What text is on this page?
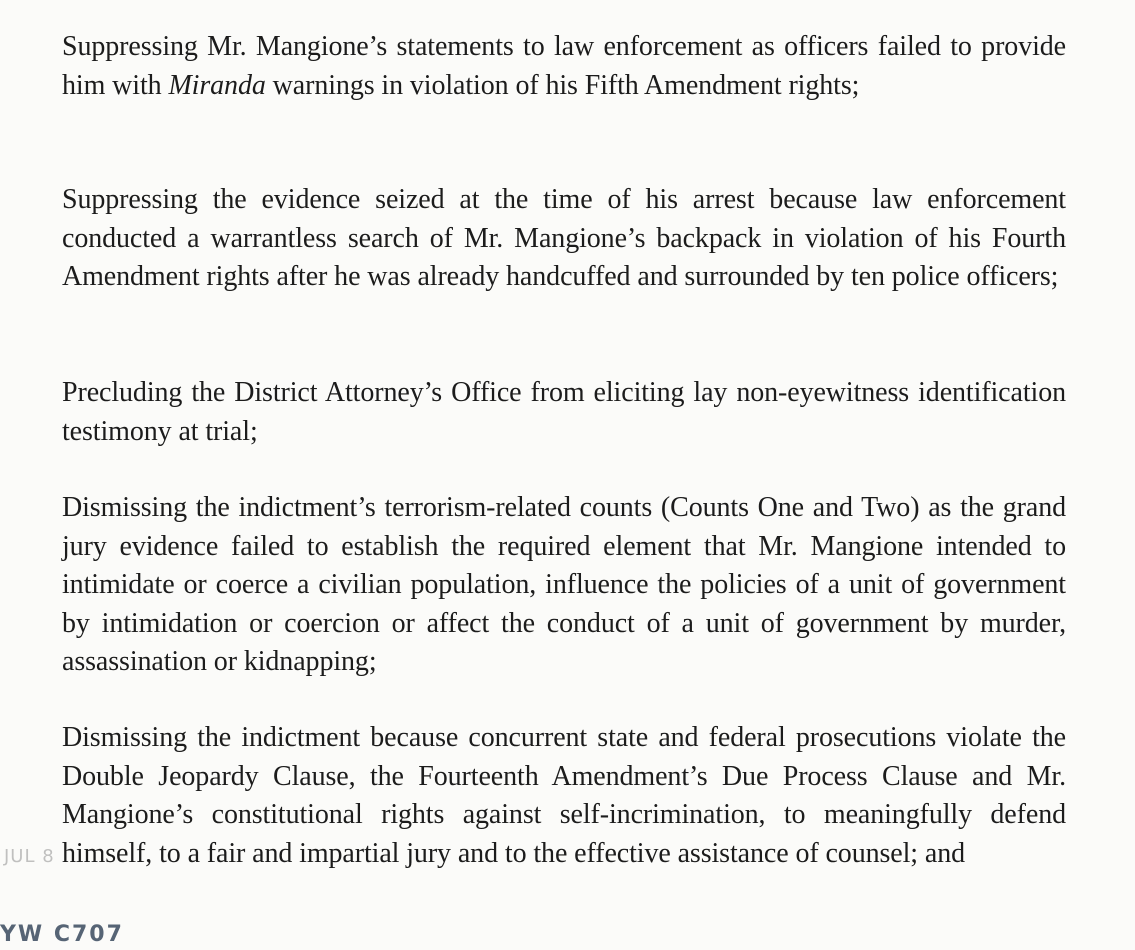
Suppressing Mr. Mangione’s statements to law enforcement as officers failed to provide him with Miranda warnings in violation of his Fifth Amendment rights;

Suppressing the evidence seized at the time of his arrest because law enforcement conducted a warrantless search of Mr. Mangione’s backpack in violation of his Fourth Amendment rights after he was already handcuffed and surrounded by ten police officers;

Precluding the District Attorney’s Office from eliciting lay non-eyewitness identification testimony at trial;

Dismissing the indictment’s terrorism-related counts (Counts One and Two) as the grand jury evidence failed to establish the required element that Mr. Mangione intended to intimidate or coerce a civilian population, influence the policies of a unit of government by intimidation or coercion or affect the conduct of a unit of government by murder, assassination or kidnapping;

Dismissing the indictment because concurrent state and federal prosecutions violate the Double Jeopardy Clause, the Fourteenth Amendment’s Due Process Clause and Mr. Mangione’s constitutional rights against self-incrimination, to meaningfully defend himself, to a fair and impartial jury and to the effective assistance of counsel; and

JUL 8
YW C707
